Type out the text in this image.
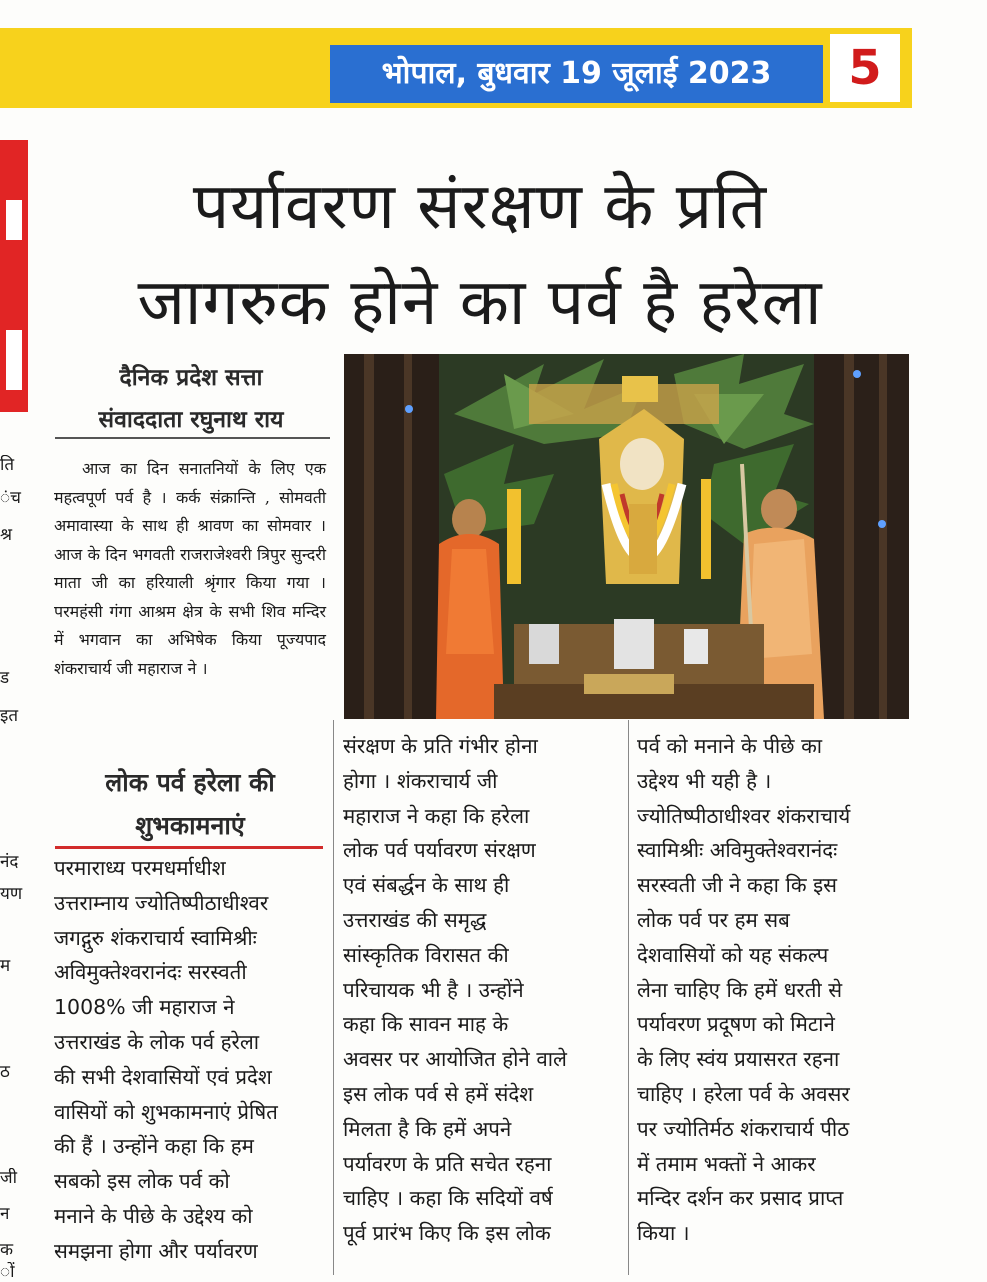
भोपाल, बुधवार 19 जूलाई 2023	5
ति
ंच
श्र
ड
इत
नंद
यण
म
ठ
जी
न
क
ों
पर्यावरण संरक्षण के प्रति
जागरुक होने का पर्व है हरेला
दैनिक प्रदेश सत्ता
संवाददाता रघुनाथ राय
आज का दिन सनातनियों के लिए एक महत्वपूर्ण पर्व है । कर्क संक्रान्ति , सोमवती अमावास्या के साथ ही श्रावण का सोमवार । आज के दिन भगवती राजराजेश्वरी त्रिपुर सुन्दरी माता जी का हरियाली श्रृंगार किया गया । परमहंसी गंगा आश्रम क्षेत्र के सभी शिव मन्दिर में भगवान का अभिषेक किया पूज्यपाद शंकराचार्य जी महाराज ने ।
लोक पर्व हरेला की
शुभकामनाएं
परमाराध्य परमधर्माधीश
उत्तराम्नाय ज्योतिष्पीठाधीश्वर
जगद्गुरु शंकराचार्य स्वामिश्रीः
अविमुक्तेश्वरानंदः सरस्वती
1008% जी महाराज ने
उत्तराखंड के लोक पर्व हरेला
की सभी देशवासियों एवं प्रदेश
वासियों को शुभकामनाएं प्रेषित
की हैं । उन्होंने कहा कि हम
सबको इस लोक पर्व को
मनाने के पीछे के उद्देश्य को
समझना होगा और पर्यावरण
संरक्षण के प्रति गंभीर होना
होगा । शंकराचार्य जी
महाराज ने कहा कि हरेला
लोक पर्व पर्यावरण संरक्षण
एवं संबर्द्धन के साथ ही
उत्तराखंड की समृद्ध
सांस्कृतिक विरासत की
परिचायक भी है । उन्होंने
कहा कि सावन माह के
अवसर पर आयोजित होने वाले
इस लोक पर्व से हमें संदेश
मिलता है कि हमें अपने
पर्यावरण के प्रति सचेत रहना
चाहिए । कहा कि सदियों वर्ष
पूर्व प्रारंभ किए कि इस लोक
पर्व को मनाने के पीछे का
उद्देश्य भी यही है ।
ज्योतिष्पीठाधीश्वर शंकराचार्य
स्वामिश्रीः अविमुक्तेश्वरानंदः
सरस्वती जी ने कहा कि इस
लोक पर्व पर हम सब
देशवासियों को यह संकल्प
लेना चाहिए कि हमें धरती से
पर्यावरण प्रदूषण को मिटाने
के लिए स्वंय प्रयासरत रहना
चाहिए । हरेला पर्व के अवसर
पर ज्योतिर्मठ शंकराचार्य पीठ
में तमाम भक्तों ने आकर
मन्दिर दर्शन कर प्रसाद प्राप्त
किया ।
